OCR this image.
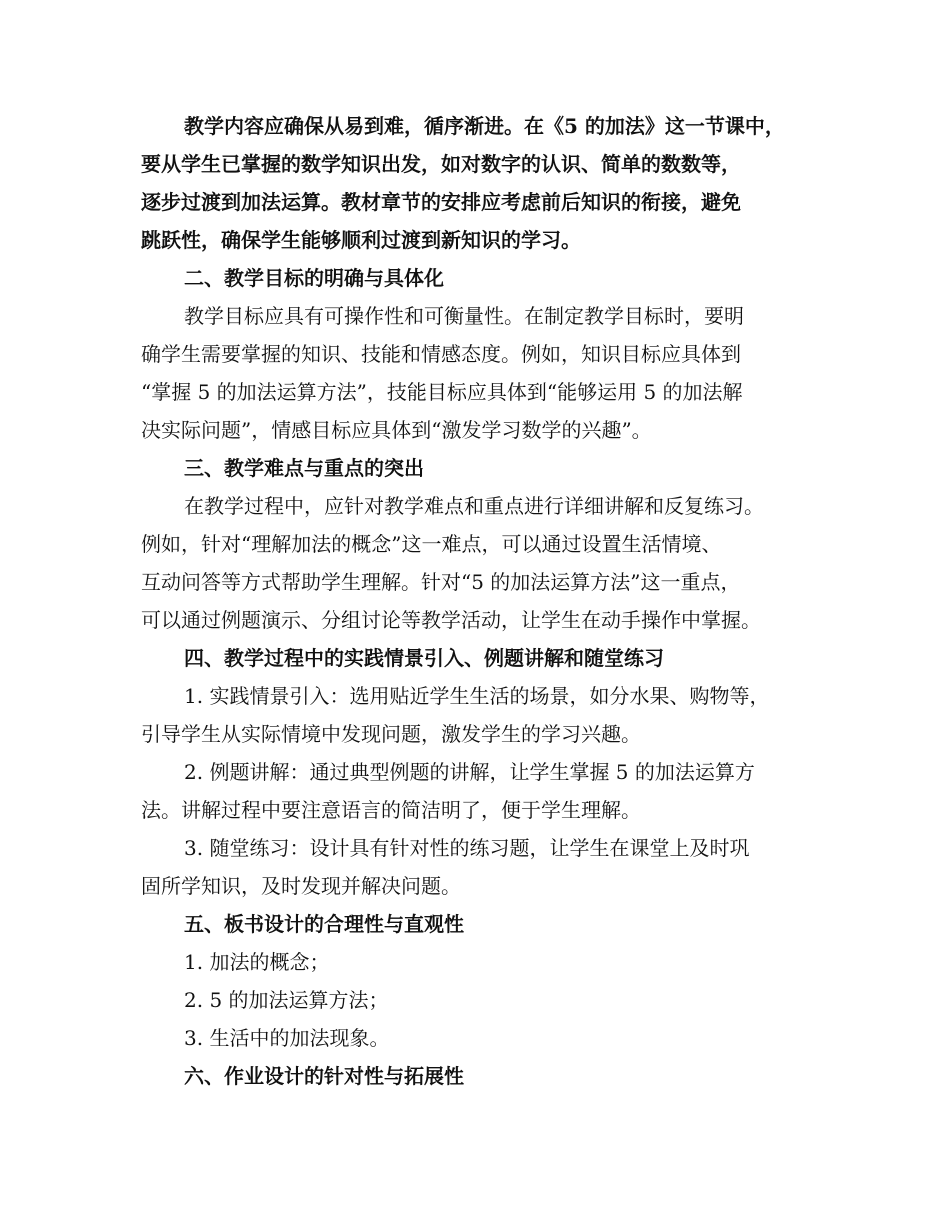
教学内容应确保从易到难，循序渐进。在《5 的加法》这一节课中，
要从学生已掌握的数学知识出发，如对数字的认识、简单的数数等，
逐步过渡到加法运算。教材章节的安排应考虑前后知识的衔接，避免
跳跃性，确保学生能够顺利过渡到新知识的学习。
二、教学目标的明确与具体化
教学目标应具有可操作性和可衡量性。在制定教学目标时，要明
确学生需要掌握的知识、技能和情感态度。例如，知识目标应具体到
“掌握 5 的加法运算方法”，技能目标应具体到“能够运用 5 的加法解
决实际问题”，情感目标应具体到“激发学习数学的兴趣”。
三、教学难点与重点的突出
在教学过程中，应针对教学难点和重点进行详细讲解和反复练习。
例如，针对“理解加法的概念”这一难点，可以通过设置生活情境、
互动问答等方式帮助学生理解。针对“5 的加法运算方法”这一重点，
可以通过例题演示、分组讨论等教学活动，让学生在动手操作中掌握。
四、教学过程中的实践情景引入、例题讲解和随堂练习
1. 实践情景引入：选用贴近学生生活的场景，如分水果、购物等，
引导学生从实际情境中发现问题，激发学生的学习兴趣。
2. 例题讲解：通过典型例题的讲解，让学生掌握 5 的加法运算方
法。讲解过程中要注意语言的简洁明了，便于学生理解。
3. 随堂练习：设计具有针对性的练习题，让学生在课堂上及时巩
固所学知识，及时发现并解决问题。
五、板书设计的合理性与直观性
1. 加法的概念；
2. 5 的加法运算方法；
3. 生活中的加法现象。
六、作业设计的针对性与拓展性
